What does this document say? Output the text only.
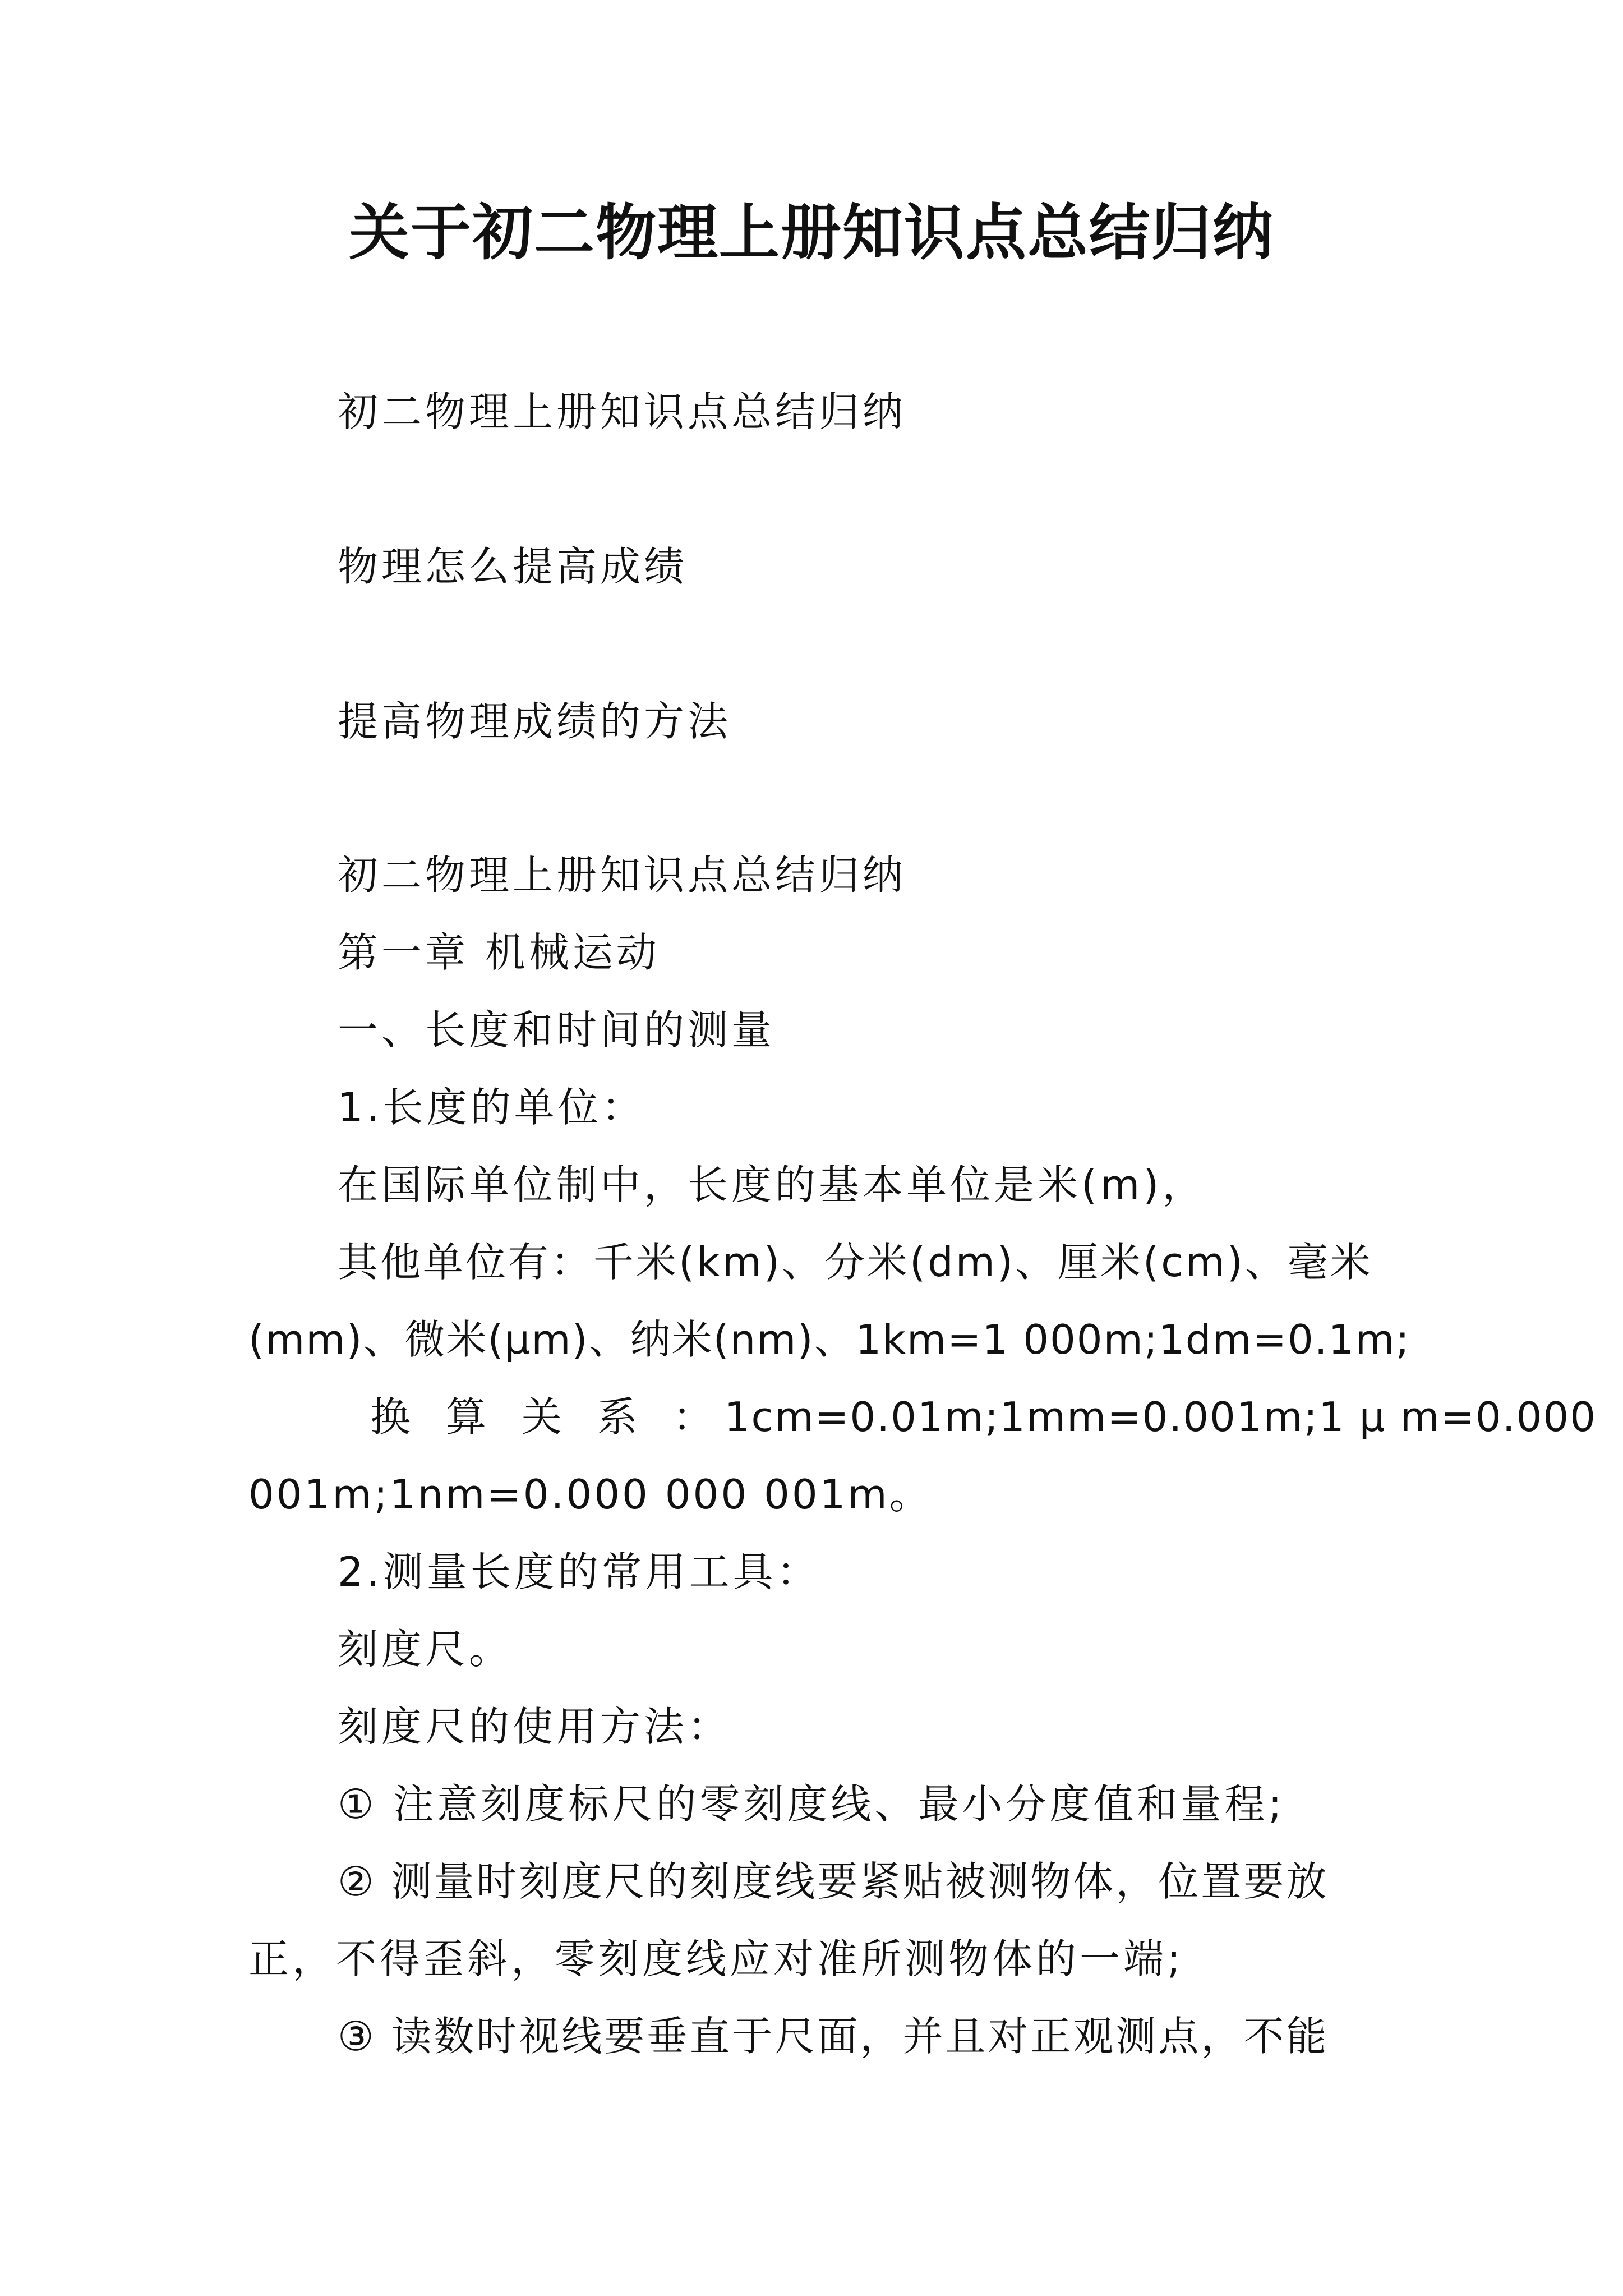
关于初二物理上册知识点总结归纳
初二物理上册知识点总结归纳
物理怎么提高成绩
提高物理成绩的方法
初二物理上册知识点总结归纳
第一章 机械运动
一、长度和时间的测量
1.长度的单位：
在国际单位制中，长度的基本单位是米(m)，
其他单位有：千米(km)、分米(dm)、厘米(cm)、毫米
(mm)、微米(μm)、纳米(nm)、1km=1 000m;1dm=0.1m;
换 算 关 系 ： 1cm=0.01m;1mm=0.001m;1 μ m=0.000
001m;1nm=0.000 000 001m。
2.测量长度的常用工具：
刻度尺。
刻度尺的使用方法：
① 注意刻度标尺的零刻度线、最小分度值和量程;
② 测量时刻度尺的刻度线要紧贴被测物体，位置要放
正，不得歪斜，零刻度线应对准所测物体的一端;
③ 读数时视线要垂直于尺面，并且对正观测点，不能
